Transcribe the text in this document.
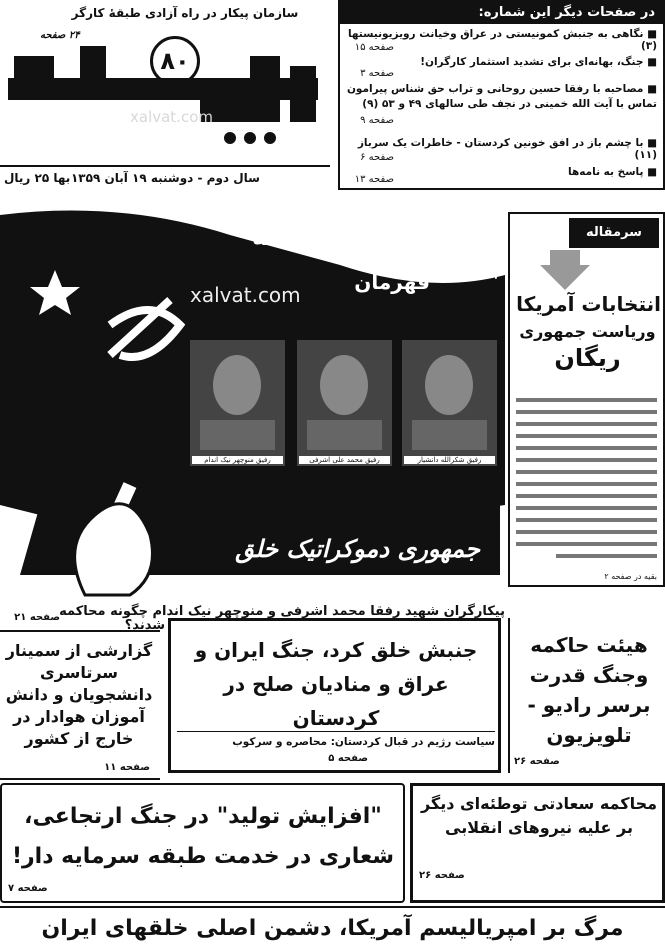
سازمان پیکار در راه آزادی طبقهٔ کارگر
۸۰
۲۴ صفحه
سال دوم - دوشنبه ۱۹ آبان ۱۳۵۹
بها ۲۵ ریال
xalvat.com
در صفحات دیگر این شماره:
■ نگاهی به جنبش کمونیستی در عراق وخیانت رویزیونیستها (۳)
صفحه ۱۵
■ جنگ، بهانه‌ای برای تشدید استثمار کارگران!
صفحه ۳
■ مصاحبه با رفقا حسین روحانی و تراب حق شناس پیرامون تماس با آیت الله خمینی در نجف طی سالهای ۴۹ و ۵۳ (۹)
صفحه ۹
■ با چشم باز در افق خونین کردستان - خاطرات یک سرباز (۱۱)
صفحه ۶
■ پاسخ به نامه‌ها
صفحه ۱۳
گرامی باد خاطره سه پیکارگر
قهرمان
رفیق شکرالله دانشیار
رفیق محمد علی اشرفی
رفیق منوچهر نیک اندام
جمهوری دموکراتیک خلق
xalvat.com
پیکارگران شهید رفقا محمد اشرفی و منوچهر نیک اندام چگونه محاکمه
شدند؟
صفحه ۲۱
سرمقاله
انتخابات آمریکا
وریاست جمهوری
ریگان
بقیه در صفحه ۲
گزارشی از سمینار سرتاسری دانشجویان و دانش آموزان هوادار در خارج از کشور
صفحه ۱۱
جنبش خلق کرد، جنگ ایران و عراق و منادیان صلح در کردستان
سیاست رژیم در قبال کردستان: محاصره و سرکوب
صفحه ۵
هیئت حاکمه وجنگ قدرت برسر رادیو - تلویزیون
صفحه ۲۶
"افزایش تولید" در جنگ ارتجاعی، شعاری در خدمت طبقه سرمایه دار!
صفحه ۷
محاکمه سعادتی توطئه‌ای دیگر بر علیه نیروهای انقلابی
صفحه ۲۶
مرگ بر امپریالیسم آمریکا، دشمن اصلی خلقهای ایران
